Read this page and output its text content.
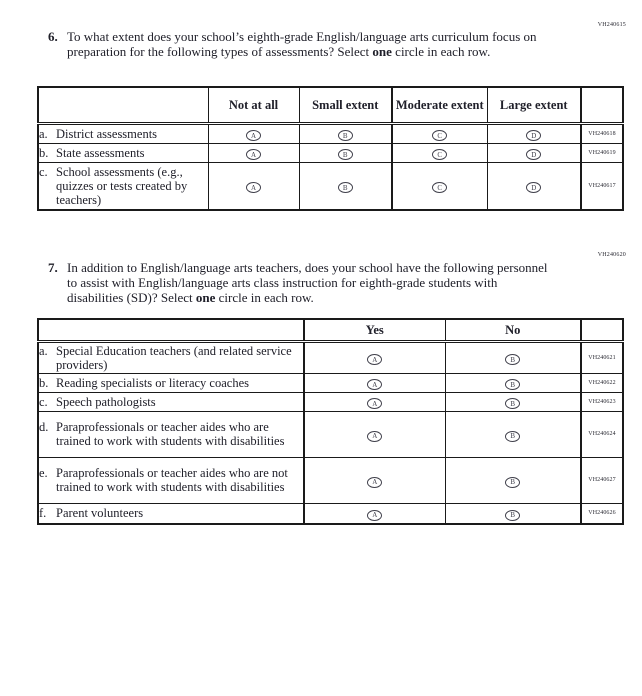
VH240615
6. To what extent does your school’s eighth-grade English/language arts curriculum focus on preparation for the following types of assessments? Select one circle in each row.
	Not at all	Small extent	Moderate extent	Large extent	

a. District assessments	A	B	C	D	VH240618

b. State assessments	A	B	C	D	VH240619

c. School assessments (e.g., quizzes or tests created by teachers)	A	B	C	D	VH240617
VH240620
7. In addition to English/language arts teachers, does your school have the following personnel to assist with English/language arts class instruction for eighth-grade students with disabilities (SD)? Select one circle in each row.
	Yes	No	

a. Special Education teachers (and related service providers)	A	B	VH240621

b. Reading specialists or literacy coaches	A	B	VH240622

c. Speech pathologists	A	B	VH240623

d. Paraprofessionals or teacher aides who are trained to work with students with disabilities	A	B	VH240624

e. Paraprofessionals or teacher aides who are not trained to work with students with disabilities	A	B	VH240627

f. Parent volunteers	A	B	VH240626
